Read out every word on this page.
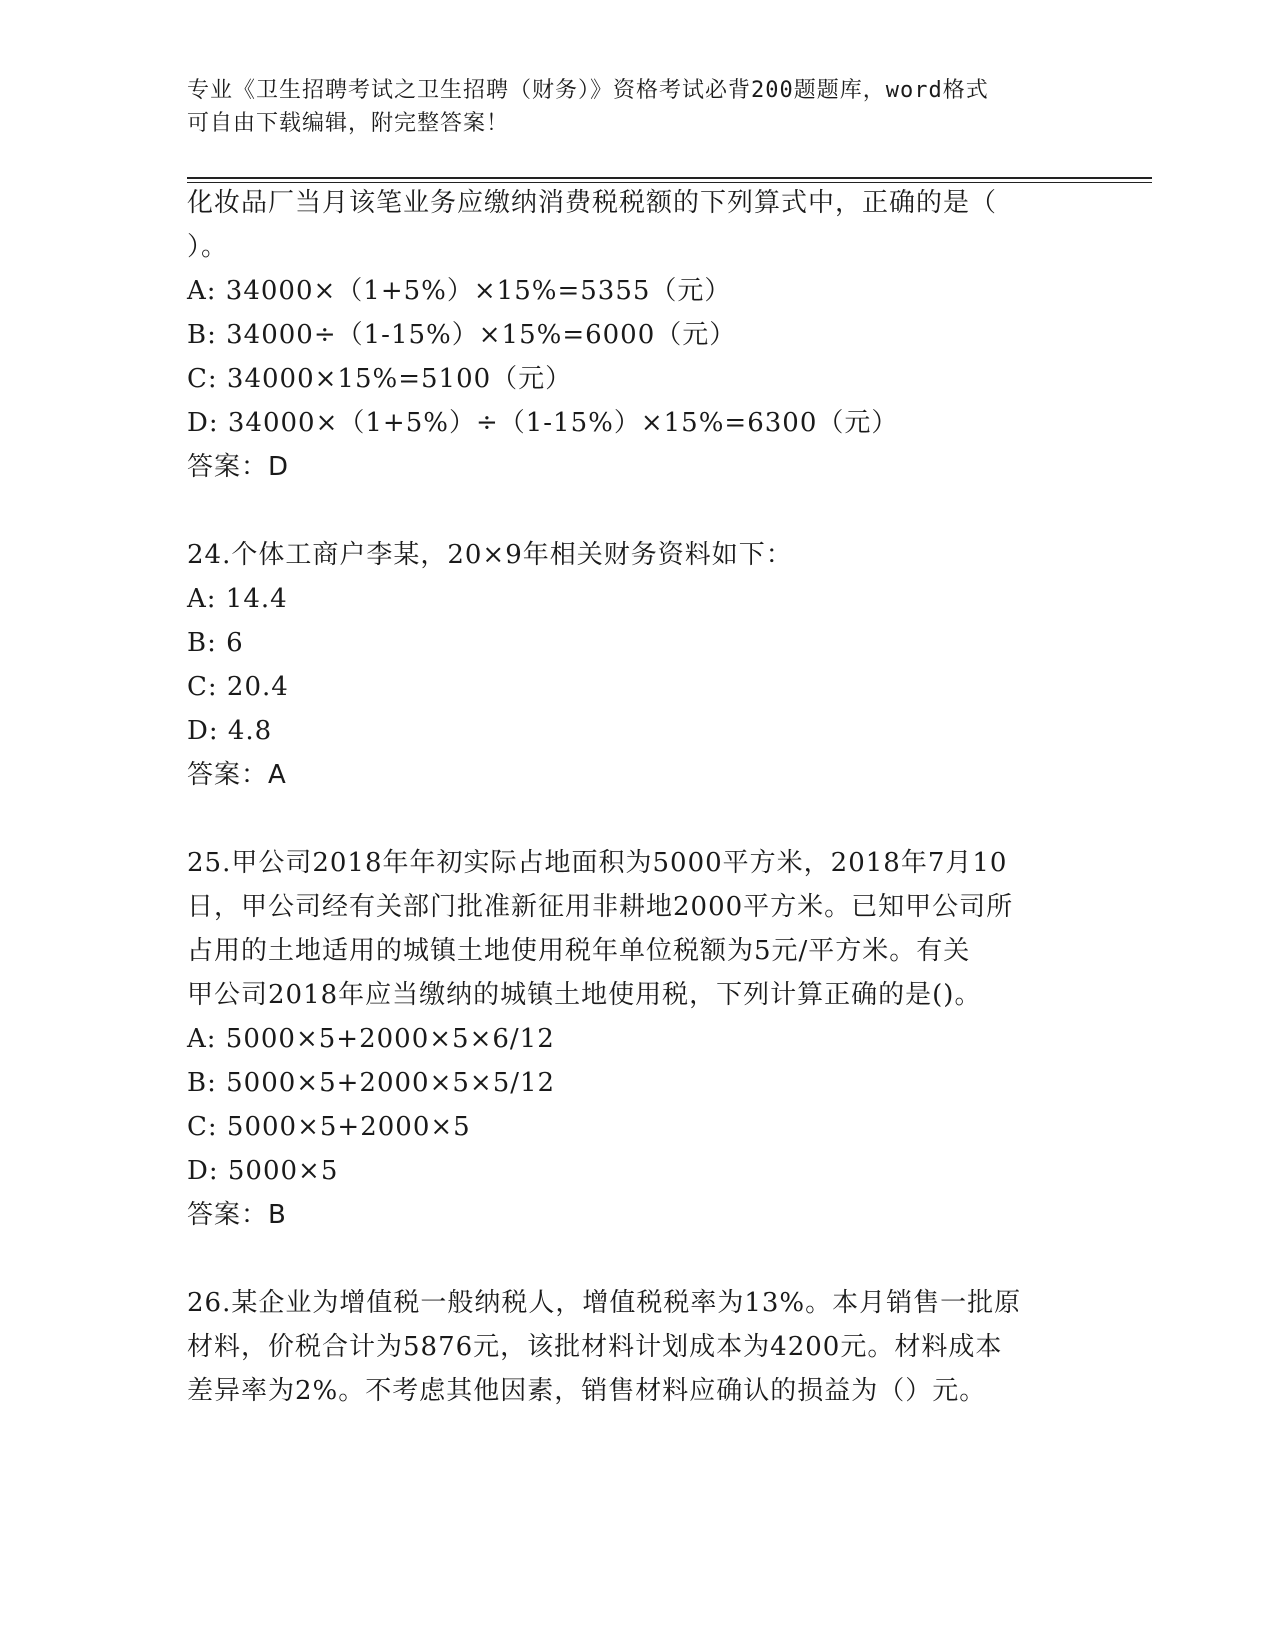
专业《卫生招聘考试之卫生招聘（财务）》资格考试必背200题题库，word格式
可自由下载编辑，附完整答案！
化妆品厂当月该笔业务应缴纳消费税税额的下列算式中，正确的是（
）。
A: 34000×（1+5%）×15%=5355（元）
B: 34000÷（1-15%）×15%=6000（元）
C: 34000×15%=5100（元）
D: 34000×（1+5%）÷（1-15%）×15%=6300（元）
答案：D
24.个体工商户李某，20×9年相关财务资料如下：
A: 14.4
B: 6
C: 20.4
D: 4.8
答案：A
25.甲公司2018年年初实际占地面积为5000平方米，2018年7月10
日，甲公司经有关部门批准新征用非耕地2000平方米。已知甲公司所
占用的土地适用的城镇土地使用税年单位税额为5元/平方米。有关
甲公司2018年应当缴纳的城镇土地使用税，下列计算正确的是()。
A: 5000×5+2000×5×6/12
B: 5000×5+2000×5×5/12
C: 5000×5+2000×5
D: 5000×5
答案：B
26.某企业为增值税一般纳税人，增值税税率为13%。本月销售一批原
材料，价税合计为5876元，该批材料计划成本为4200元。材料成本
差异率为2%。不考虑其他因素，销售材料应确认的损益为（）元。
